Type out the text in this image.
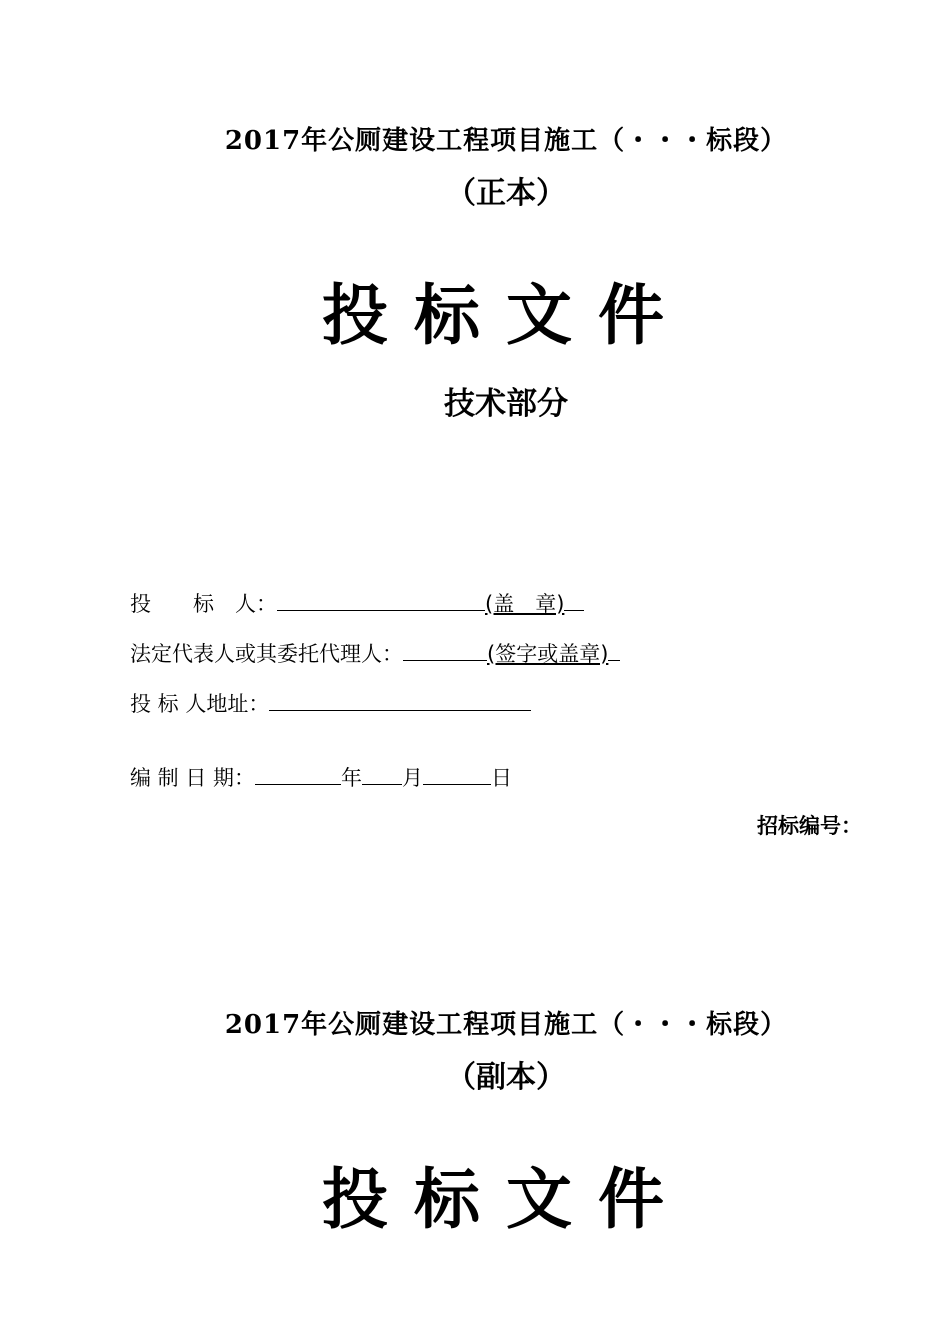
2017年公厕建设工程项目施工（・・・标段）
（正本）
投标文件
技术部分
投　　标　人：	(盖　章)
法定代表人或其委托代理人：	(签字或盖章)
投 标 人地址：
编 制 日 期：	年 月	日
招标编号：
2017年公厕建设工程项目施工（・・・标段）
（副本）
投标文件
